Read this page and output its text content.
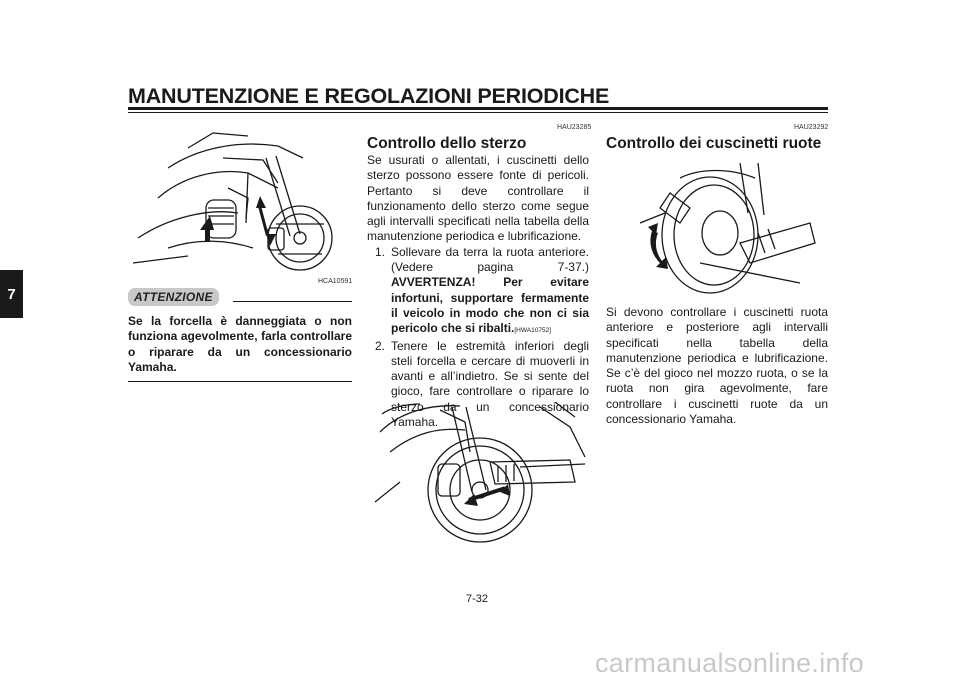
MANUTENZIONE E REGOLAZIONI PERIODICHE
7
HCA10591
ATTENZIONE
Se la forcella è danneggiata o non funziona agevolmente, farla controllare o riparare da un concessionario Yamaha.
HAU23285
Controllo dello sterzo
Se usurati o allentati, i cuscinetti dello sterzo possono essere fonte di pericoli. Pertanto si deve controllare il funzionamento dello sterzo come segue agli intervalli specificati nella tabella della manutenzione periodica e lubrificazione.
1. Sollevare da terra la ruota anteriore. (Vedere pagina 7-37.) AVVERTENZA! Per evitare infortuni, supportare fermamente il veicolo in modo che non ci sia pericolo che si ribalti.[HWA10752]
2. Tenere le estremità inferiori degli steli forcella e cercare di muoverli in avanti e all’indietro. Se si sente del gioco, fare controllare o riparare lo sterzo da un concessionario Yamaha.
HAU23292
Controllo dei cuscinetti ruote
Si devono controllare i cuscinetti ruota anteriore e posteriore agli intervalli specificati nella tabella della manutenzione periodica e lubrificazione. Se c’è del gioco nel mozzo ruota, o se la ruota non gira agevolmente, fare controllare i cuscinetti ruote da un concessionario Yamaha.
7-32
carmanualsonline.info
